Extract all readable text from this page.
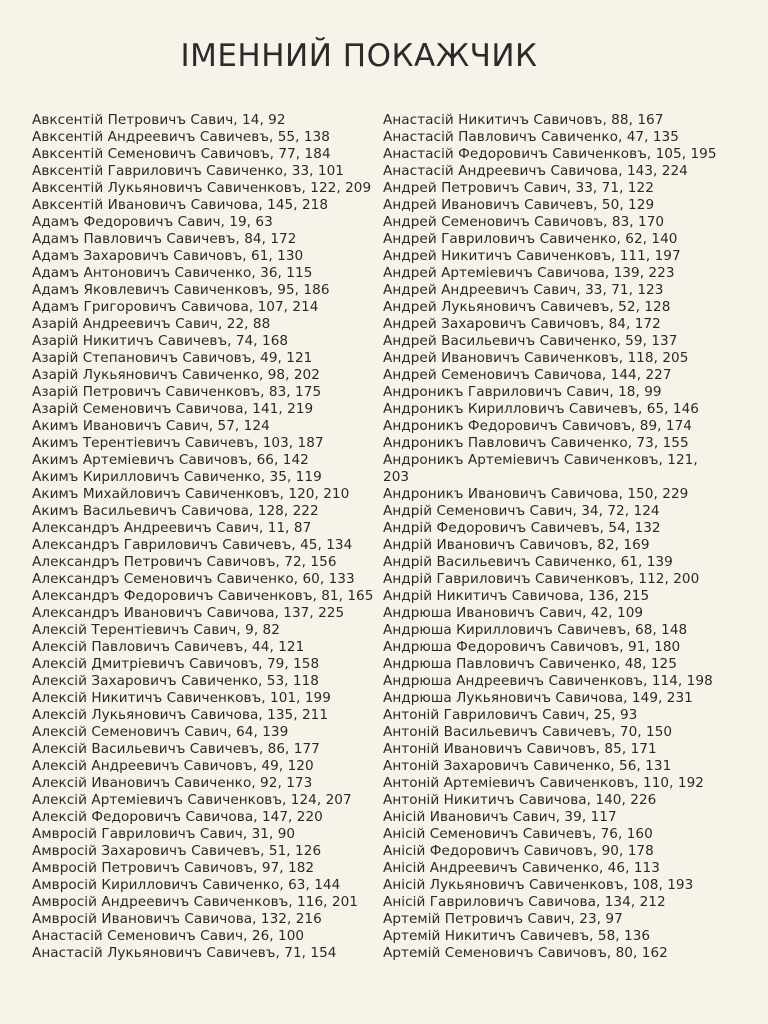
ІМЕННИЙ ПОКАЖЧИК
Авксентій Петровичъ Савич, 14, 92
Авксентій Андреевичъ Савичевъ, 55, 138
Авксентій Семеновичъ Савичовъ, 77, 184
Авксентій Гавриловичъ Савиченко, 33, 101
Авксентій Лукьяновичъ Савиченковъ, 122, 209
Авксентій Ивановичъ Савичова, 145, 218
Адамъ Федоровичъ Савич, 19, 63
Адамъ Павловичъ Савичевъ, 84, 172
Адамъ Захаровичъ Савичовъ, 61, 130
Адамъ Антоновичъ Савиченко, 36, 115
Адамъ Яковлевичъ Савиченковъ, 95, 186
Адамъ Григоровичъ Савичова, 107, 214
Азарій Андреевичъ Савич, 22, 88
Азарій Никитичъ Савичевъ, 74, 168
Азарій Степановичъ Савичовъ, 49, 121
Азарій Лукьяновичъ Савиченко, 98, 202
Азарій Петровичъ Савиченковъ, 83, 175
Азарій Семеновичъ Савичова, 141, 219
Акимъ Ивановичъ Савич, 57, 124
Акимъ Терентіевичъ Савичевъ, 103, 187
Акимъ Артеміевичъ Савичовъ, 66, 142
Акимъ Кирилловичъ Савиченко, 35, 119
Акимъ Михайловичъ Савиченковъ, 120, 210
Акимъ Васильевичъ Савичова, 128, 222
Александръ Андреевичъ Савич, 11, 87
Александръ Гавриловичъ Савичевъ, 45, 134
Александръ Петровичъ Савичовъ, 72, 156
Александръ Семеновичъ Савиченко, 60, 133
Александръ Федоровичъ Савиченковъ, 81, 165
Александръ Ивановичъ Савичова, 137, 225
Алексій Терентіевичъ Савич, 9, 82
Алексій Павловичъ Савичевъ, 44, 121
Алексій Дмитріевичъ Савичовъ, 79, 158
Алексій Захаровичъ Савиченко, 53, 118
Алексій Никитичъ Савиченковъ, 101, 199
Алексій Лукьяновичъ Савичова, 135, 211
Алексій Семеновичъ Савич, 64, 139
Алексій Васильевичъ Савичевъ, 86, 177
Алексій Андреевичъ Савичовъ, 49, 120
Алексій Ивановичъ Савиченко, 92, 173
Алексій Артеміевичъ Савиченковъ, 124, 207
Алексій Федоровичъ Савичова, 147, 220
Амвросій Гавриловичъ Савич, 31, 90
Амвросій Захаровичъ Савичевъ, 51, 126
Амвросій Петровичъ Савичовъ, 97, 182
Амвросій Кирилловичъ Савиченко, 63, 144
Амвросій Андреевичъ Савиченковъ, 116, 201
Амвросій Ивановичъ Савичова, 132, 216
Анастасій Семеновичъ Савич, 26, 100
Анастасій Лукьяновичъ Савичевъ, 71, 154
Анастасій Никитичъ Савичовъ, 88, 167
Анастасій Павловичъ Савиченко, 47, 135
Анастасій Федоровичъ Савиченковъ, 105, 195
Анастасій Андреевичъ Савичова, 143, 224
Андрей Петровичъ Савич, 33, 71, 122
Андрей Ивановичъ Савичевъ, 50, 129
Андрей Семеновичъ Савичовъ, 83, 170
Андрей Гавриловичъ Савиченко, 62, 140
Андрей Никитичъ Савиченковъ, 111, 197
Андрей Артеміевичъ Савичова, 139, 223
Андрей Андреевичъ Савич, 33, 71, 123
Андрей Лукьяновичъ Савичевъ, 52, 128
Андрей Захаровичъ Савичовъ, 84, 172
Андрей Васильевичъ Савиченко, 59, 137
Андрей Ивановичъ Савиченковъ, 118, 205
Андрей Семеновичъ Савичова, 144, 227
Андроникъ Гавриловичъ Савич, 18, 99
Андроникъ Кирилловичъ Савичевъ, 65, 146
Андроникъ Федоровичъ Савичовъ, 89, 174
Андроникъ Павловичъ Савиченко, 73, 155
Андроникъ Артеміевичъ Савиченковъ, 121, 203
Андроникъ Ивановичъ Савичова, 150, 229
Андрій Семеновичъ Савич, 34, 72, 124
Андрій Федоровичъ Савичевъ, 54, 132
Андрій Ивановичъ Савичовъ, 82, 169
Андрій Васильевичъ Савиченко, 61, 139
Андрій Гавриловичъ Савиченковъ, 112, 200
Андрій Никитичъ Савичова, 136, 215
Андрюша Ивановичъ Савич, 42, 109
Андрюша Кирилловичъ Савичевъ, 68, 148
Андрюша Федоровичъ Савичовъ, 91, 180
Андрюша Павловичъ Савиченко, 48, 125
Андрюша Андреевичъ Савиченковъ, 114, 198
Андрюша Лукьяновичъ Савичова, 149, 231
Антоній Гавриловичъ Савич, 25, 93
Антоній Васильевичъ Савичевъ, 70, 150
Антоній Ивановичъ Савичовъ, 85, 171
Антоній Захаровичъ Савиченко, 56, 131
Антоній Артеміевичъ Савиченковъ, 110, 192
Антоній Никитичъ Савичова, 140, 226
Анісій Ивановичъ Савич, 39, 117
Анісій Семеновичъ Савичевъ, 76, 160
Анісій Федоровичъ Савичовъ, 90, 178
Анісій Андреевичъ Савиченко, 46, 113
Анісій Лукьяновичъ Савиченковъ, 108, 193
Анісій Гавриловичъ Савичова, 134, 212
Артемій Петровичъ Савич, 23, 97
Артемій Никитичъ Савичевъ, 58, 136
Артемій Семеновичъ Савичовъ, 80, 162
